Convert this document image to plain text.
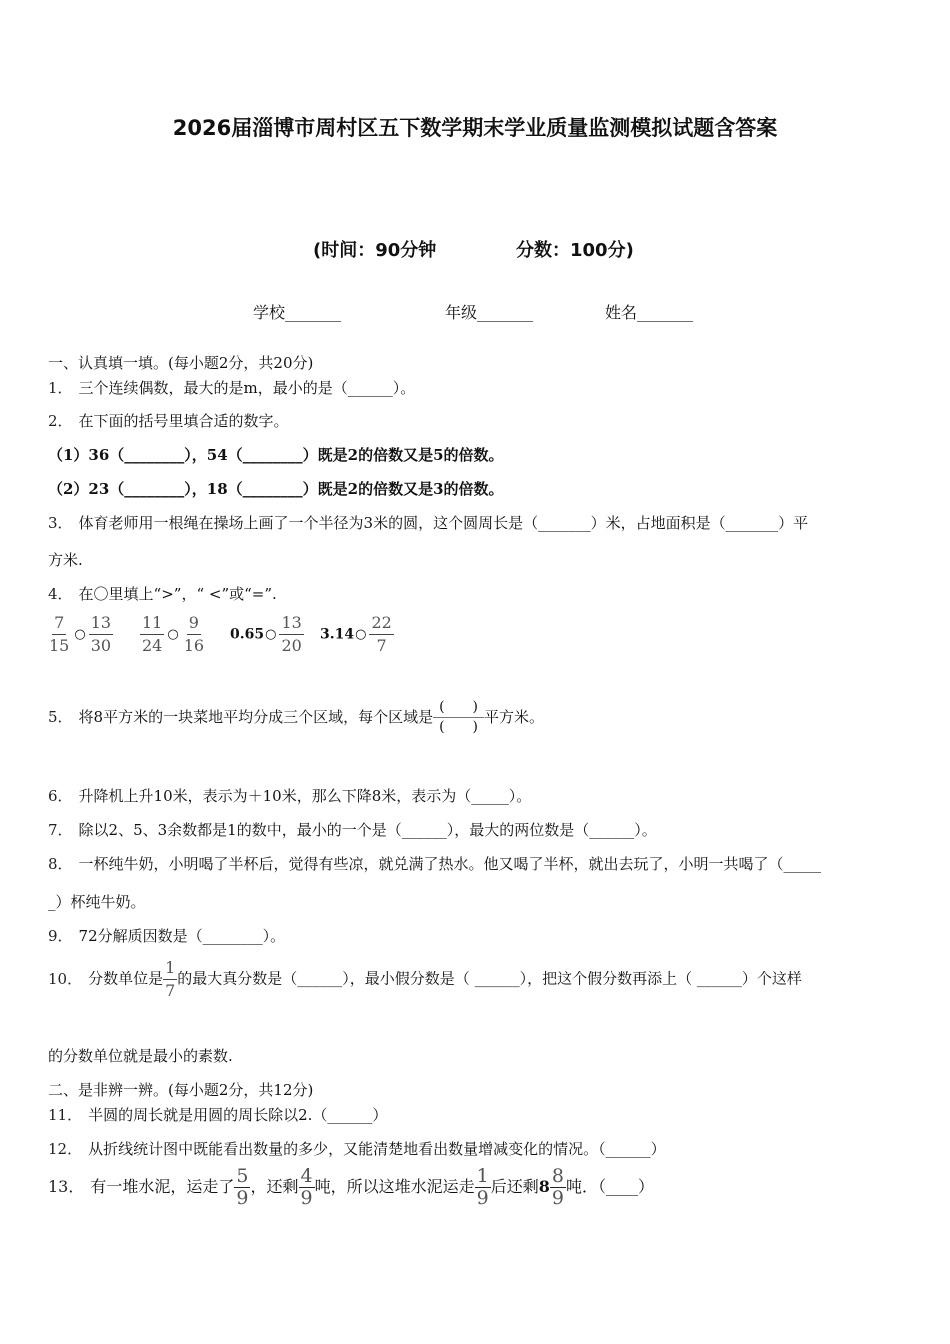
2026届淄博市周村区五下数学期末学业质量监测模拟试题含答案
(时间：90分钟	分数：100分)
学校_______	年级_______	姓名_______
一、认真填一填。(每小题2分，共20分)
1． 三个连续偶数，最大的是m，最小的是（______）。
2． 在下面的括号里填合适的数字。
（1）36（________），54（________）既是2的倍数又是5的倍数。
（2）23（________），18（________）既是2的倍数又是3的倍数。
3． 体育老师用一根绳在操场上画了一个半径为3米的圆，这个圆周长是（_______）米，占地面积是（_______）平
方米.
4． 在〇里填上“>”，“ <”或“=”.
$\frac{7}{15}$ ○ $\frac{13}{30} \frac{11}{24}$ ○ $\frac{9}{16}$ 0.65○ $\frac{13}{20}$ 3.14○ $\frac{22}{7}$
5． 将8平方米的一块菜地平均分成三个区域，每个区域是 $\frac{( )}{( )}$ 平方米。
6． 升降机上升10米，表示为＋10米，那么下降8米，表示为（_____）。
7． 除以2、5、3余数都是1的数中，最小的一个是（______），最大的两位数是（______）。
8． 一杯纯牛奶，小明喝了半杯后，觉得有些凉，就兑满了热水。他又喝了半杯，就出去玩了，小明一共喝了（_____
_）杯纯牛奶。
9． 72分解质因数是（________）。
10． 分数单位是 $\frac{1}{7}$ 的最大真分数是（______），最小假分数是（ ______），把这个假分数再添上（ ______）个这样
的分数单位就是最小的素数.
二、是非辨一辨。(每小题2分，共12分)
11． 半圆的周长就是用圆的周长除以2.（______）
12． 从折线统计图中既能看出数量的多少，又能清楚地看出数量增减变化的情况。（______）
13． 有一堆水泥，运走了 $\frac{5}{9}$ ，还剩 $\frac{4}{9}$ 吨，所以这堆水泥运走 $\frac{1}{9}$ 后还剩$8 \frac{8}{9}$ 吨．（____）
